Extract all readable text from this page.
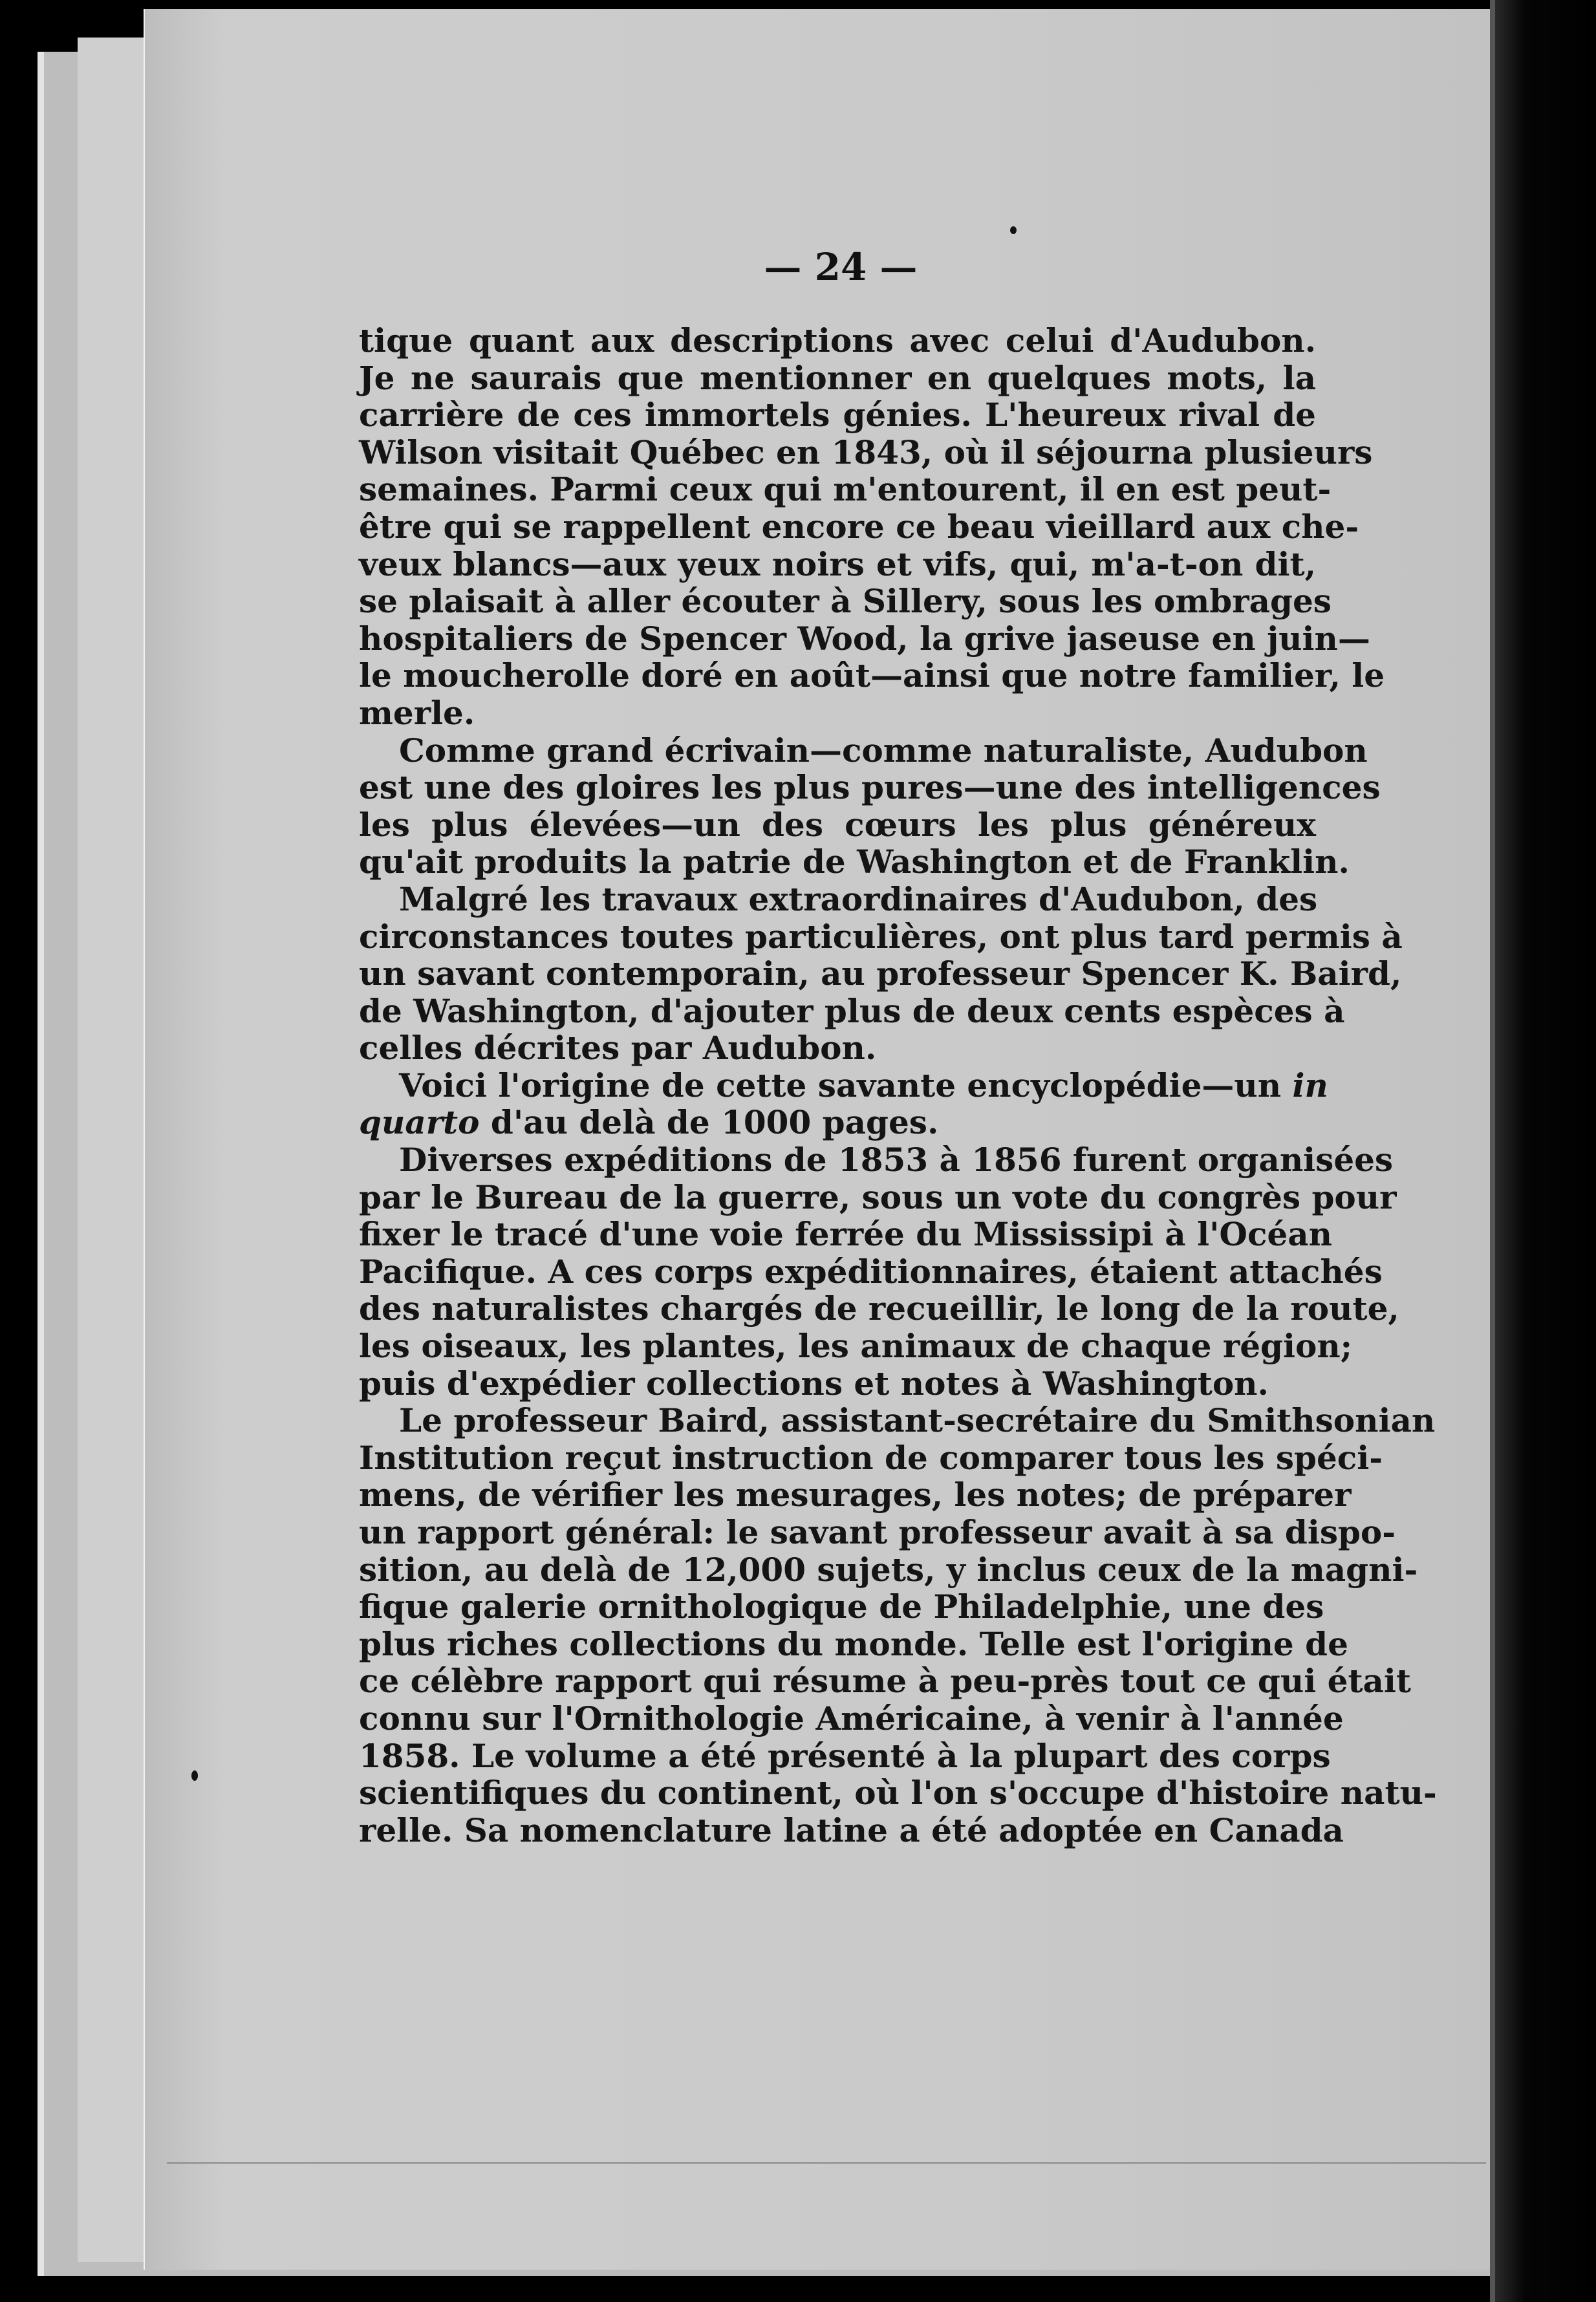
— 24 —
tique quant aux descriptions avec celui d'Audubon.
Je ne saurais que mentionner en quelques mots, la
carrière de ces immortels génies. L'heureux rival de
Wilson visitait Québec en 1843, où il séjourna plusieurs
semaines. Parmi ceux qui m'entourent, il en est peut-
être qui se rappellent encore ce beau vieillard aux che-
veux blancs—aux yeux noirs et vifs, qui, m'a-t-on dit,
se plaisait à aller écouter à Sillery, sous les ombrages
hospitaliers de Spencer Wood, la grive jaseuse en juin—
le moucherolle doré en août—ainsi que notre familier, le
merle.
Comme grand écrivain—comme naturaliste, Audubon
est une des gloires les plus pures—une des intelligences
les plus élevées—un des cœurs les plus généreux
qu'ait produits la patrie de Washington et de Franklin.
Malgré les travaux extraordinaires d'Audubon, des
circonstances toutes particulières, ont plus tard permis à
un savant contemporain, au professeur Spencer K. Baird,
de Washington, d'ajouter plus de deux cents espèces à
celles décrites par Audubon.
Voici l'origine de cette savante encyclopédie—un in
quarto d'au delà de 1000 pages.
Diverses expéditions de 1853 à 1856 furent organisées
par le Bureau de la guerre, sous un vote du congrès pour
fixer le tracé d'une voie ferrée du Mississipi à l'Océan
Pacifique. A ces corps expéditionnaires, étaient attachés
des naturalistes chargés de recueillir, le long de la route,
les oiseaux, les plantes, les animaux de chaque région;
puis d'expédier collections et notes à Washington.
Le professeur Baird, assistant-secrétaire du Smithsonian
Institution reçut instruction de comparer tous les spéci-
mens, de vérifier les mesurages, les notes; de préparer
un rapport général: le savant professeur avait à sa dispo-
sition, au delà de 12,000 sujets, y inclus ceux de la magni-
fique galerie ornithologique de Philadelphie, une des
plus riches collections du monde. Telle est l'origine de
ce célèbre rapport qui résume à peu-près tout ce qui était
connu sur l'Ornithologie Américaine, à venir à l'année
1858. Le volume a été présenté à la plupart des corps
scientifiques du continent, où l'on s'occupe d'histoire natu-
relle. Sa nomenclature latine a été adoptée en Canada
